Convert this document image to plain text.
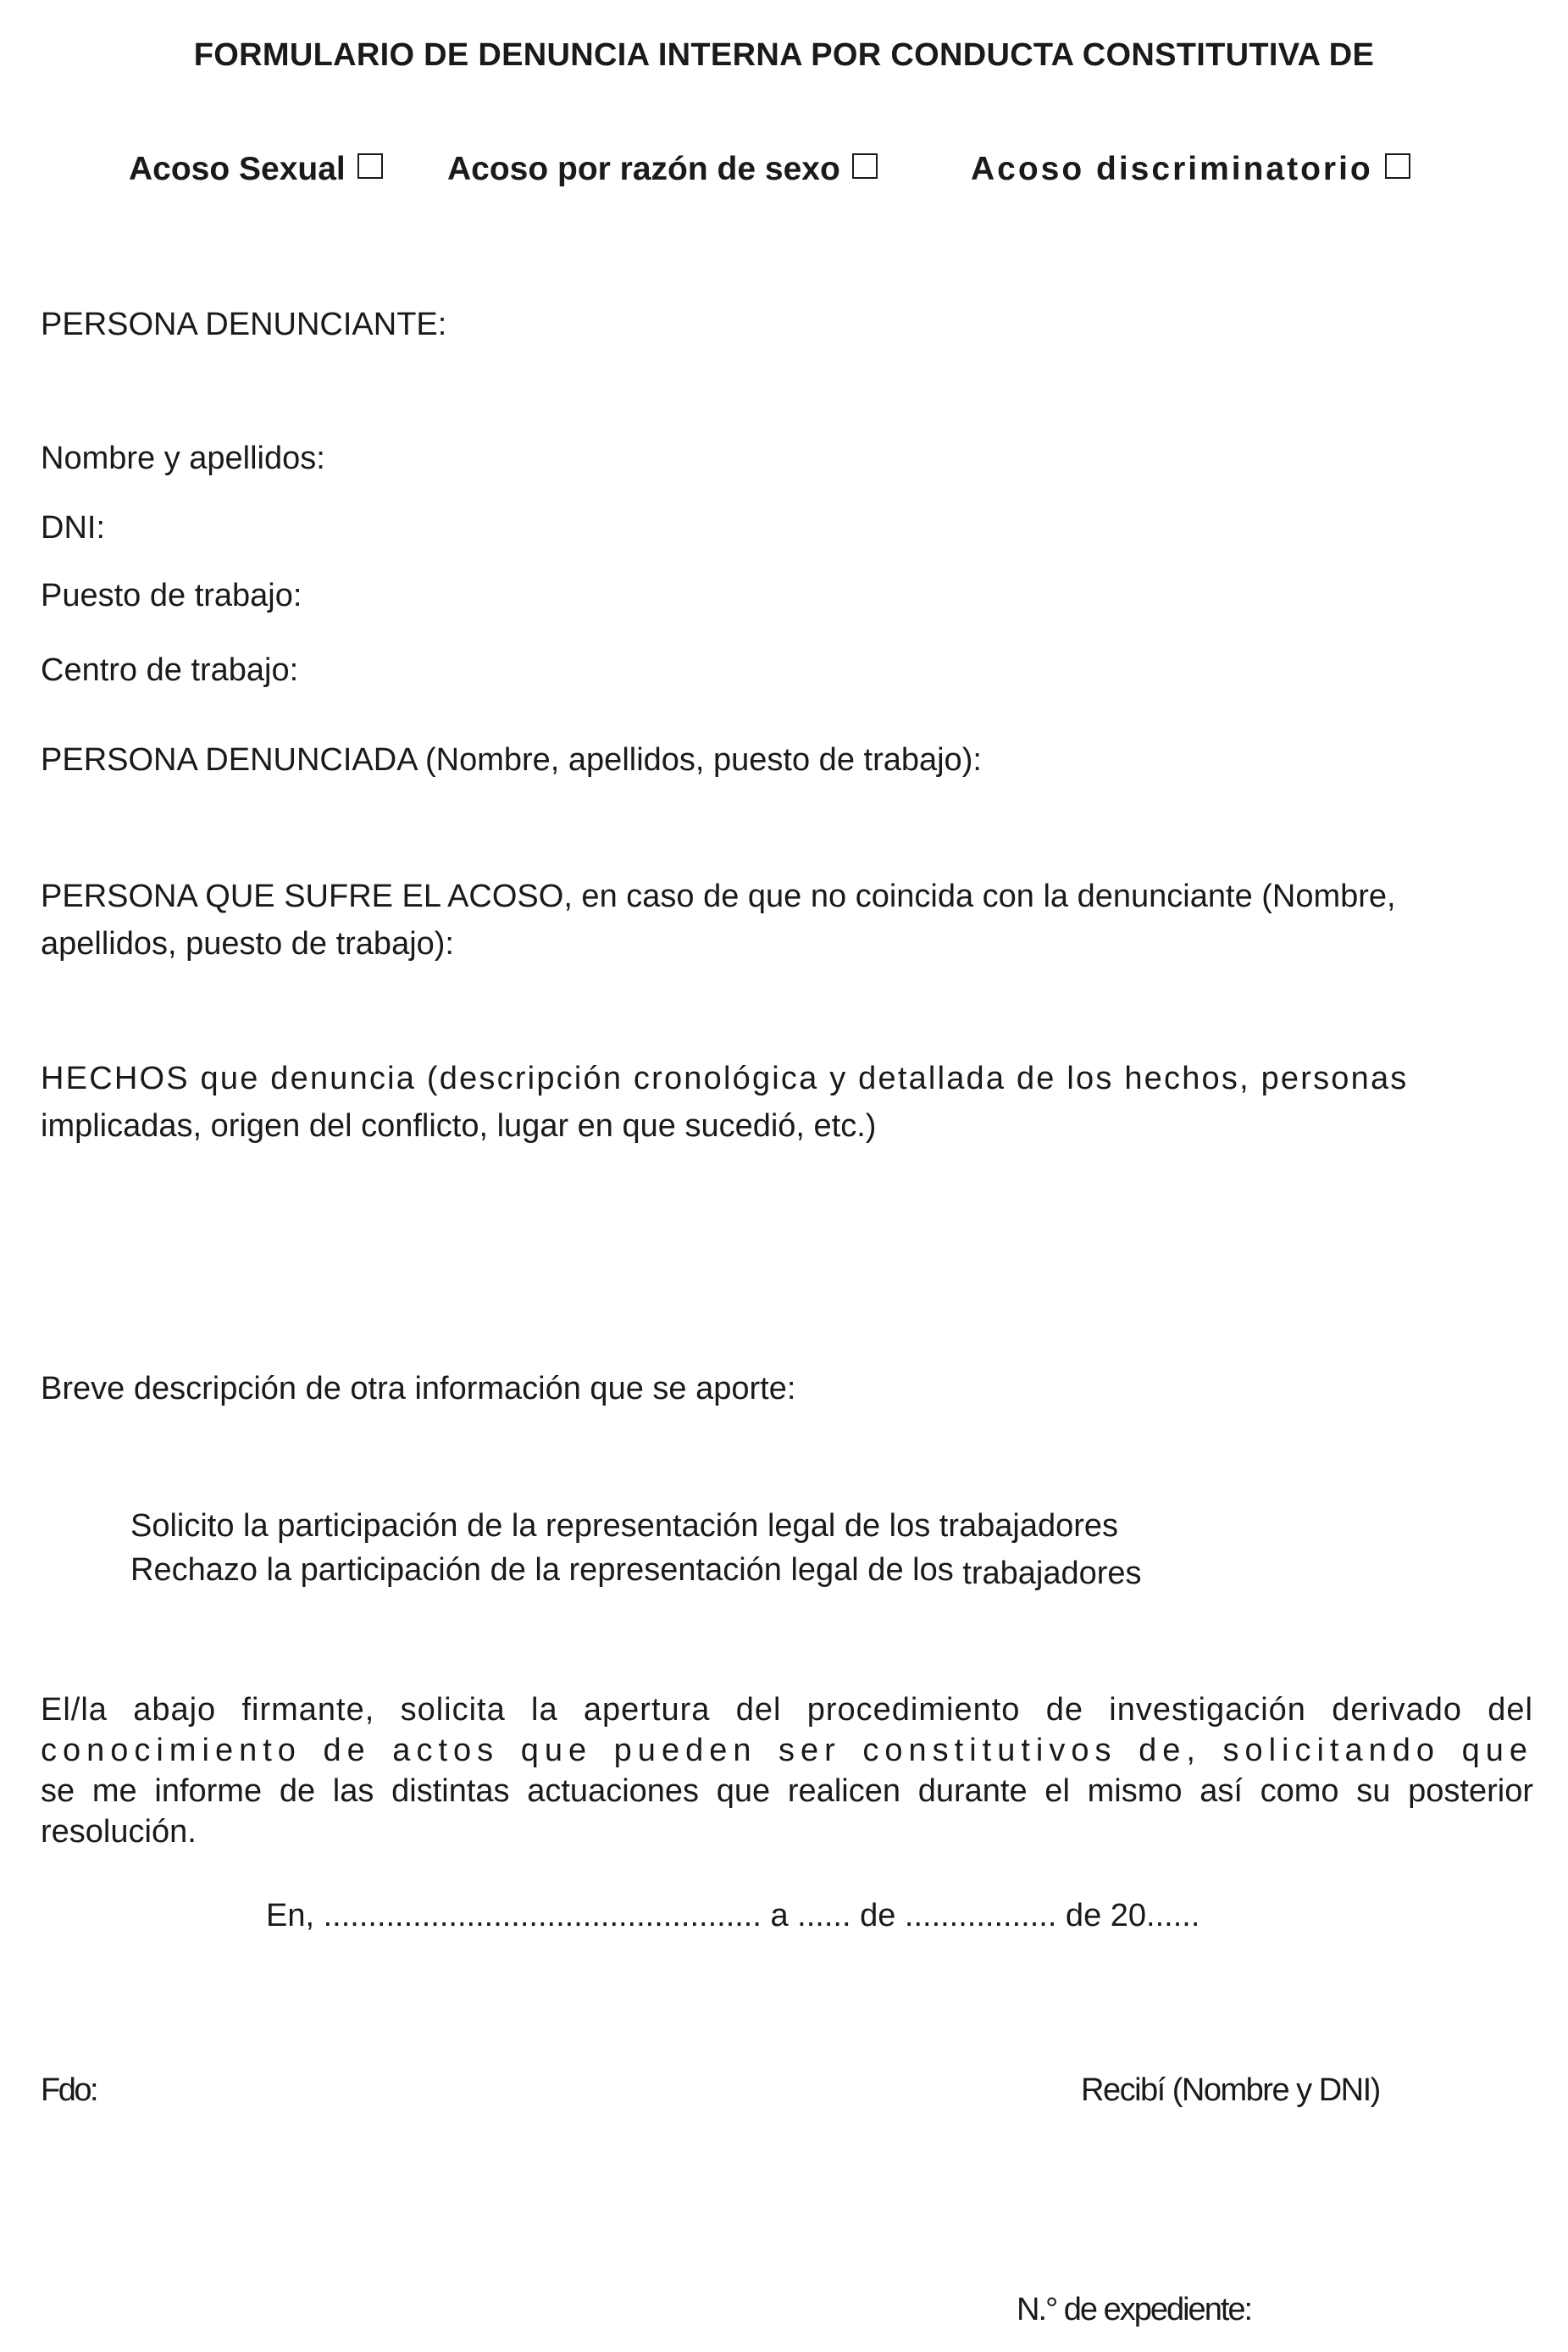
FORMULARIO DE DENUNCIA INTERNA POR CONDUCTA CONSTITUTIVA DE
Acoso Sexual	Acoso por razón de sexo	Acoso discriminatorio
PERSONA DENUNCIANTE:
Nombre y apellidos:
DNI:
Puesto de trabajo:
Centro de trabajo:
PERSONA DENUNCIADA (Nombre, apellidos, puesto de trabajo):
PERSONA QUE SUFRE EL ACOSO, en caso de que no coincida con la denunciante (Nombre,
apellidos, puesto de trabajo):
HECHOS que denuncia (descripción cronológica y detallada de los hechos, personas
implicadas, origen del conflicto, lugar en que sucedió, etc.)
Breve descripción de otra información que se aporte:
Solicito la participación de la representación legal de los trabajadores
Rechazo la participación de la representación legal de los trabajadores
El/la abajo firmante, solicita la apertura del procedimiento de investigación derivado del
conocimiento de actos que pueden ser constitutivos de, solicitando que
se me informe de las distintas actuaciones que realicen durante el mismo así como su posterior
resolución.
En, ................................................. a ...... de ................. de 20......
Fdo:	Recibí (Nombre y DNI)
N.° de expediente:
